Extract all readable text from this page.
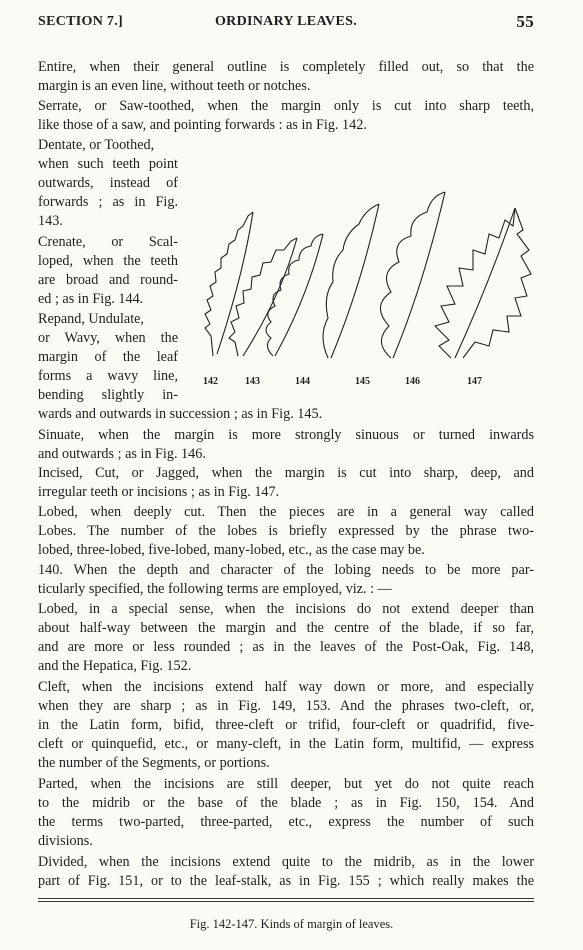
SECTION 7.]	ORDINARY LEAVES.	55
Entire, when their general outline is completely filled out, so that the
margin is an even line, without teeth or notches.
Serrate, or Saw-toothed, when the margin only is cut into sharp teeth,
like those of a saw, and pointing forwards : as in Fig. 142.
Dentate, or Toothed,
when such teeth point
outwards, instead of
forwards ; as in Fig.
143.
Crenate, or Scal-
loped, when the teeth
are broad and round-
ed ; as in Fig. 144.
Repand, Undulate,
or Wavy, when the
margin of the leaf
forms a wavy line,
bending slightly in-
wards and outwards in succession ; as in Fig. 145.
Sinuate, when the margin is more strongly sinuous or turned inwards
and outwards ; as in Fig. 146.
Incised, Cut, or Jagged, when the margin is cut into sharp, deep, and
irregular teeth or incisions ; as in Fig. 147.
Lobed, when deeply cut. Then the pieces are in a general way called
Lobes. The number of the lobes is briefly expressed by the phrase two-
lobed, three-lobed, five-lobed, many-lobed, etc., as the case may be.
140. When the depth and character of the lobing needs to be more par-
ticularly specified, the following terms are employed, viz. : —
Lobed, in a special sense, when the incisions do not extend deeper than
about half-way between the margin and the centre of the blade, if so far,
and are more or less rounded ; as in the leaves of the Post-Oak, Fig. 148,
and the Hepatica, Fig. 152.
Cleft, when the incisions extend half way down or more, and especially
when they are sharp ; as in Fig. 149, 153. And the phrases two-cleft, or,
in the Latin form, bifid, three-cleft or trifid, four-cleft or quadrifid, five-
cleft or quinquefid, etc., or many-cleft, in the Latin form, multifid, — express
the number of the Segments, or portions.
Parted, when the incisions are still deeper, but yet do not quite reach
to the midrib or the base of the blade ; as in Fig. 150, 154. And
the terms two-parted, three-parted, etc., express the number of such
divisions.
Divided, when the incisions extend quite to the midrib, as in the lower
part of Fig. 151, or to the leaf-stalk, as in Fig. 155 ; which really makes the
Fig. 142-147. Kinds of margin of leaves.
142	143	144	145	146	147
